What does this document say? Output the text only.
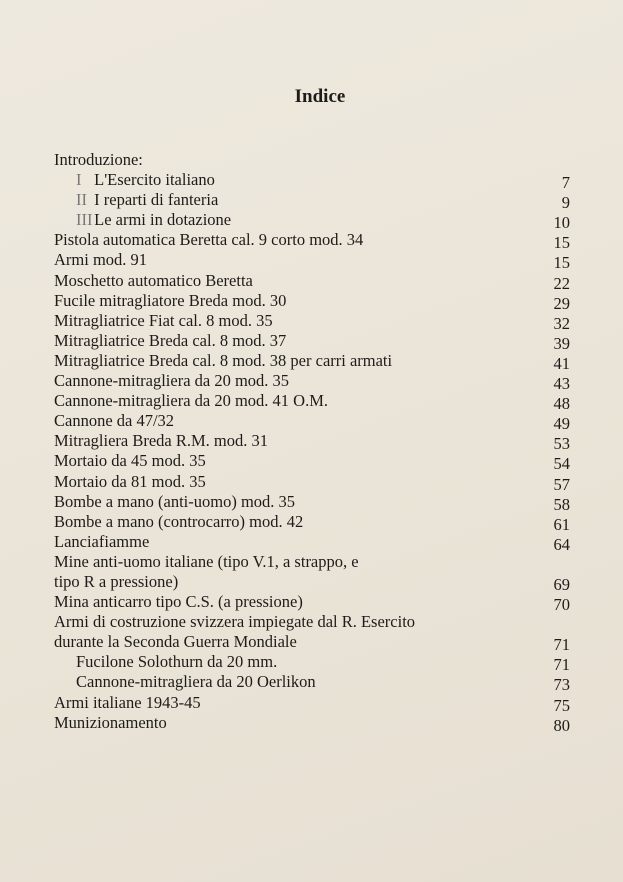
Indice
Introduzione:
I L'Esercito italiano	7
II I reparti di fanteria	9
III Le armi in dotazione	10
Pistola automatica Beretta cal. 9 corto mod. 34	15
Armi mod. 91	15
Moschetto automatico Beretta	22
Fucile mitragliatore Breda mod. 30	29
Mitragliatrice Fiat cal. 8 mod. 35	32
Mitragliatrice Breda cal. 8 mod. 37	39
Mitragliatrice Breda cal. 8 mod. 38 per carri armati	41
Cannone-mitragliera da 20 mod. 35	43
Cannone-mitragliera da 20 mod. 41 O.M.	48
Cannone da 47/32	49
Mitragliera Breda R.M. mod. 31	53
Mortaio da 45 mod. 35	54
Mortaio da 81 mod. 35	57
Bombe a mano (anti-uomo) mod. 35	58
Bombe a mano (controcarro) mod. 42	61
Lanciafiamme	64
Mine anti-uomo italiane (tipo V.1, a strappo, e
tipo R a pressione)	69
Mina anticarro tipo C.S. (a pressione)	70
Armi di costruzione svizzera impiegate dal R. Esercito
durante la Seconda Guerra Mondiale	71
Fucilone Solothurn da 20 mm.	71
Cannone-mitragliera da 20 Oerlikon	73
Armi italiane 1943-45	75
Munizionamento	80
